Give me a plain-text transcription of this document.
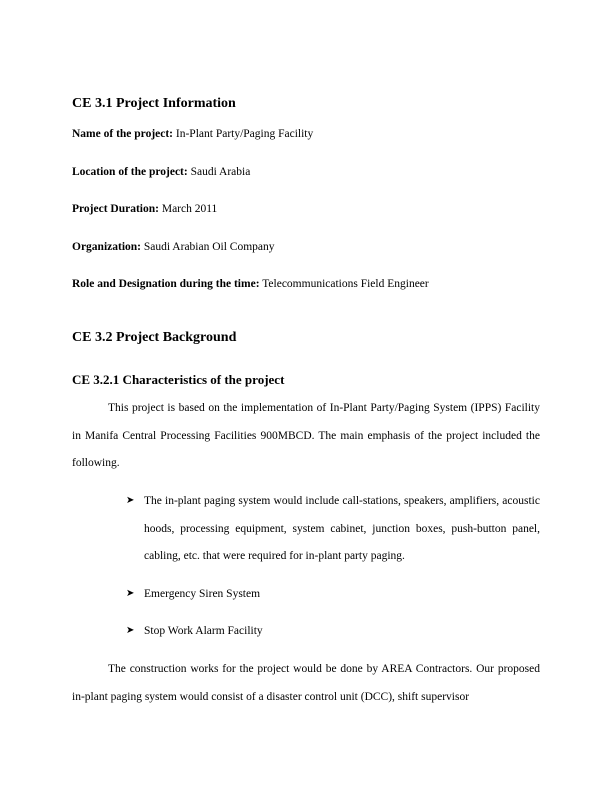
CE 3.1 Project Information
Name of the project: In-Plant Party/Paging Facility
Location of the project: Saudi Arabia
Project Duration: March 2011
Organization: Saudi Arabian Oil Company
Role and Designation during the time: Telecommunications Field Engineer
CE 3.2 Project Background
CE 3.2.1 Characteristics of the project
This project is based on the implementation of In-Plant Party/Paging System (IPPS) Facility in Manifa Central Processing Facilities 900MBCD. The main emphasis of the project included the following.
➤ The in-plant paging system would include call-stations, speakers, amplifiers, acoustic hoods, processing equipment, system cabinet, junction boxes, push-button panel, cabling, etc. that were required for in-plant party paging.
➤ Emergency Siren System
➤ Stop Work Alarm Facility
The construction works for the project would be done by AREA Contractors. Our proposed in-plant paging system would consist of a disaster control unit (DCC), shift supervisor
